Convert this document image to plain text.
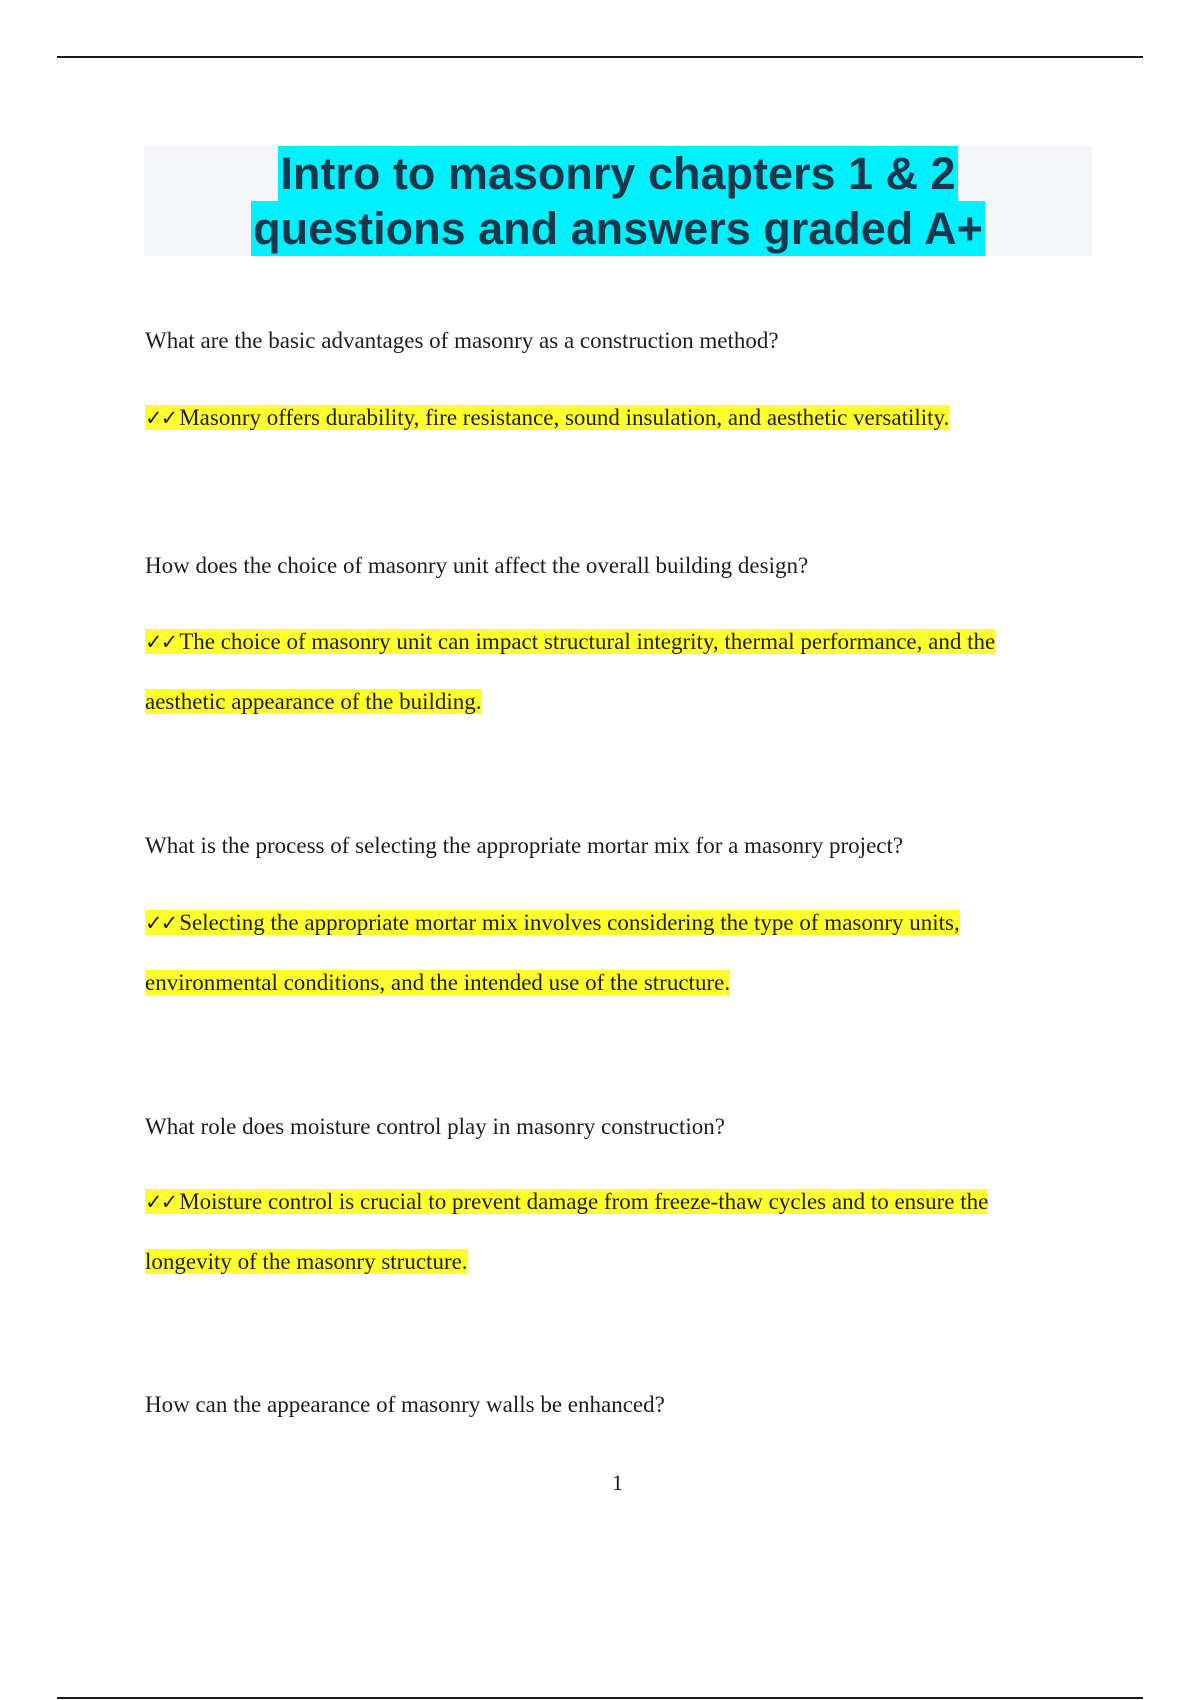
Intro to masonry chapters 1 & 2
questions and answers graded A+

What are the basic advantages of masonry as a construction method?

✓✓ Masonry offers durability, fire resistance, sound insulation, and aesthetic versatility.

How does the choice of masonry unit affect the overall building design?

✓✓ The choice of masonry unit can impact structural integrity, thermal performance, and the
aesthetic appearance of the building.

What is the process of selecting the appropriate mortar mix for a masonry project?

✓✓ Selecting the appropriate mortar mix involves considering the type of masonry units,
environmental conditions, and the intended use of the structure.

What role does moisture control play in masonry construction?

✓✓ Moisture control is crucial to prevent damage from freeze-thaw cycles and to ensure the
longevity of the masonry structure.

How can the appearance of masonry walls be enhanced?

1
